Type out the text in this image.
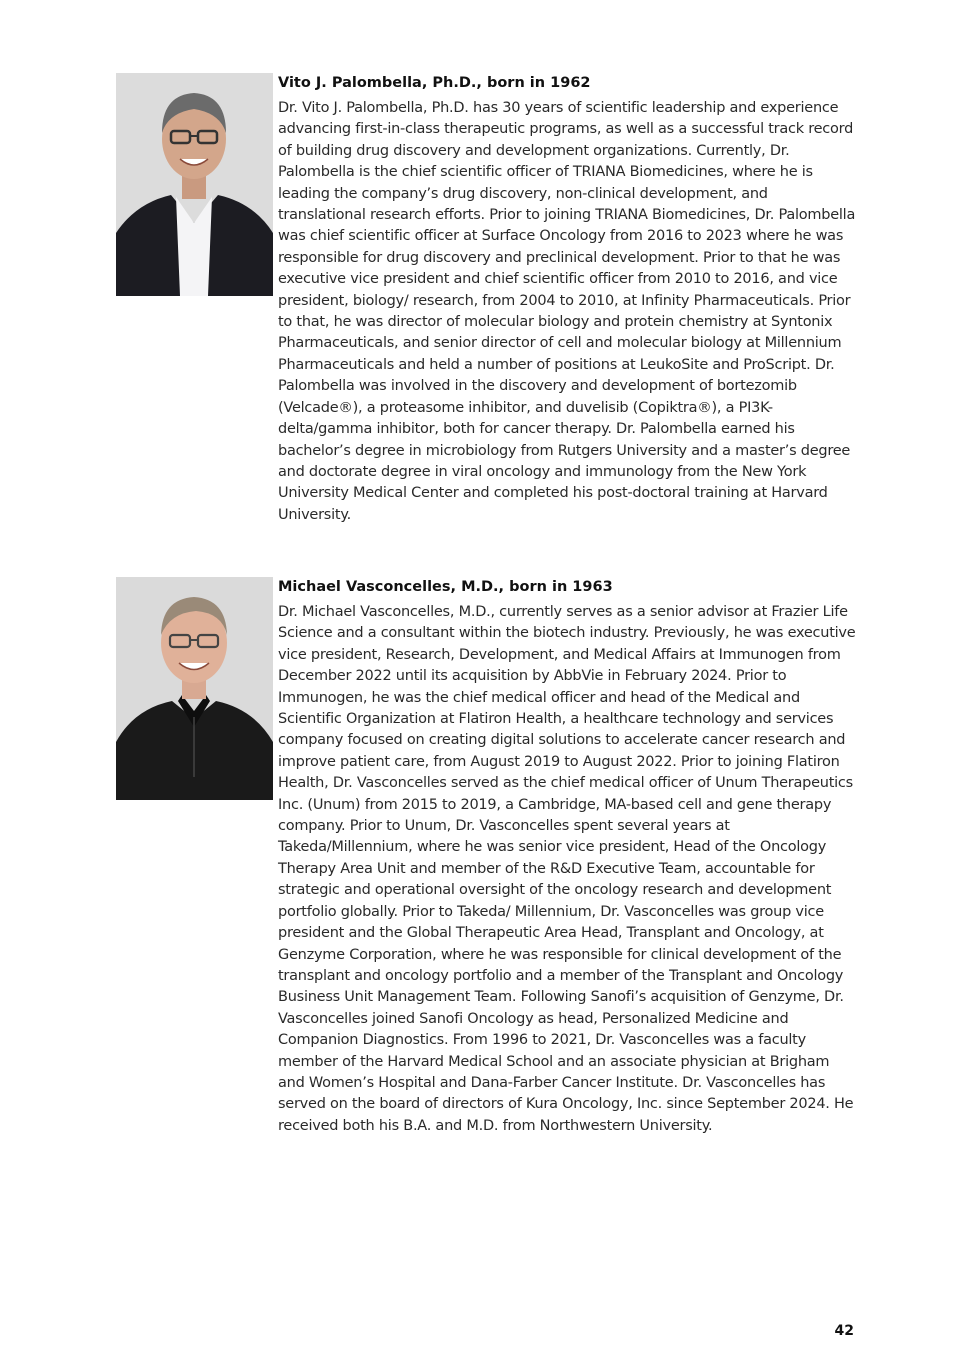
Vito J. Palombella, Ph.D., born in 1962

Dr. Vito J. Palombella, Ph.D. has 30 years of scientific leadership and experience advancing first-in-class therapeutic programs, as well as a successful track record of building drug discovery and development organizations. Currently, Dr. Palombella is the chief scientific officer of TRIANA Biomedicines, where he is leading the company’s drug discovery, non-clinical development, and translational research efforts. Prior to joining TRIANA Biomedicines, Dr. Palombella was chief scientific officer at Surface Oncology from 2016 to 2023 where he was responsible for drug discovery and preclinical development. Prior to that he was executive vice president and chief scientific officer from 2010 to 2016, and vice president, biology/ research, from 2004 to 2010, at Infinity Pharmaceuticals. Prior to that, he was director of molecular biology and protein chemistry at Syntonix Pharmaceuticals, and senior director of cell and molecular biology at Millennium Pharmaceuticals and held a number of positions at LeukoSite and ProScript. Dr. Palombella was involved in the discovery and development of bortezomib (Velcade®), a proteasome inhibitor, and duvelisib (Copiktra®), a PI3K-delta/gamma inhibitor, both for cancer therapy. Dr. Palombella earned his bachelor’s degree in microbiology from Rutgers University and a master’s degree and doctorate degree in viral oncology and immunology from the New York University Medical Center and completed his post-doctoral training at Harvard University.

Michael Vasconcelles, M.D., born in 1963

Dr. Michael Vasconcelles, M.D., currently serves as a senior advisor at Frazier Life Science and a consultant within the biotech industry. Previously, he was executive vice president, Research, Development, and Medical Affairs at Immunogen from December 2022 until its acquisition by AbbVie in February 2024. Prior to Immunogen, he was the chief medical officer and head of the Medical and Scientific Organization at Flatiron Health, a healthcare technology and services company focused on creating digital solutions to accelerate cancer research and improve patient care, from August 2019 to August 2022. Prior to joining Flatiron Health, Dr. Vasconcelles served as the chief medical officer of Unum Therapeutics Inc. (Unum) from 2015 to 2019, a Cambridge, MA-based cell and gene therapy company. Prior to Unum, Dr. Vasconcelles spent several years at Takeda/Millennium, where he was senior vice president, Head of the Oncology Therapy Area Unit and member of the R&D Executive Team, accountable for strategic and operational oversight of the oncology research and development portfolio globally. Prior to Takeda/ Millennium, Dr. Vasconcelles was group vice president and the Global Therapeutic Area Head, Transplant and Oncology, at Genzyme Corporation, where he was responsible for clinical development of the transplant and oncology portfolio and a member of the Transplant and Oncology Business Unit Management Team. Following Sanofi’s acquisition of Genzyme, Dr. Vasconcelles joined Sanofi Oncology as head, Personalized Medicine and Companion Diagnostics. From 1996 to 2021, Dr. Vasconcelles was a faculty member of the Harvard Medical School and an associate physician at Brigham and Women’s Hospital and Dana-Farber Cancer Institute. Dr. Vasconcelles has served on the board of directors of Kura Oncology, Inc. since September 2024. He received both his B.A. and M.D. from Northwestern University.

42
